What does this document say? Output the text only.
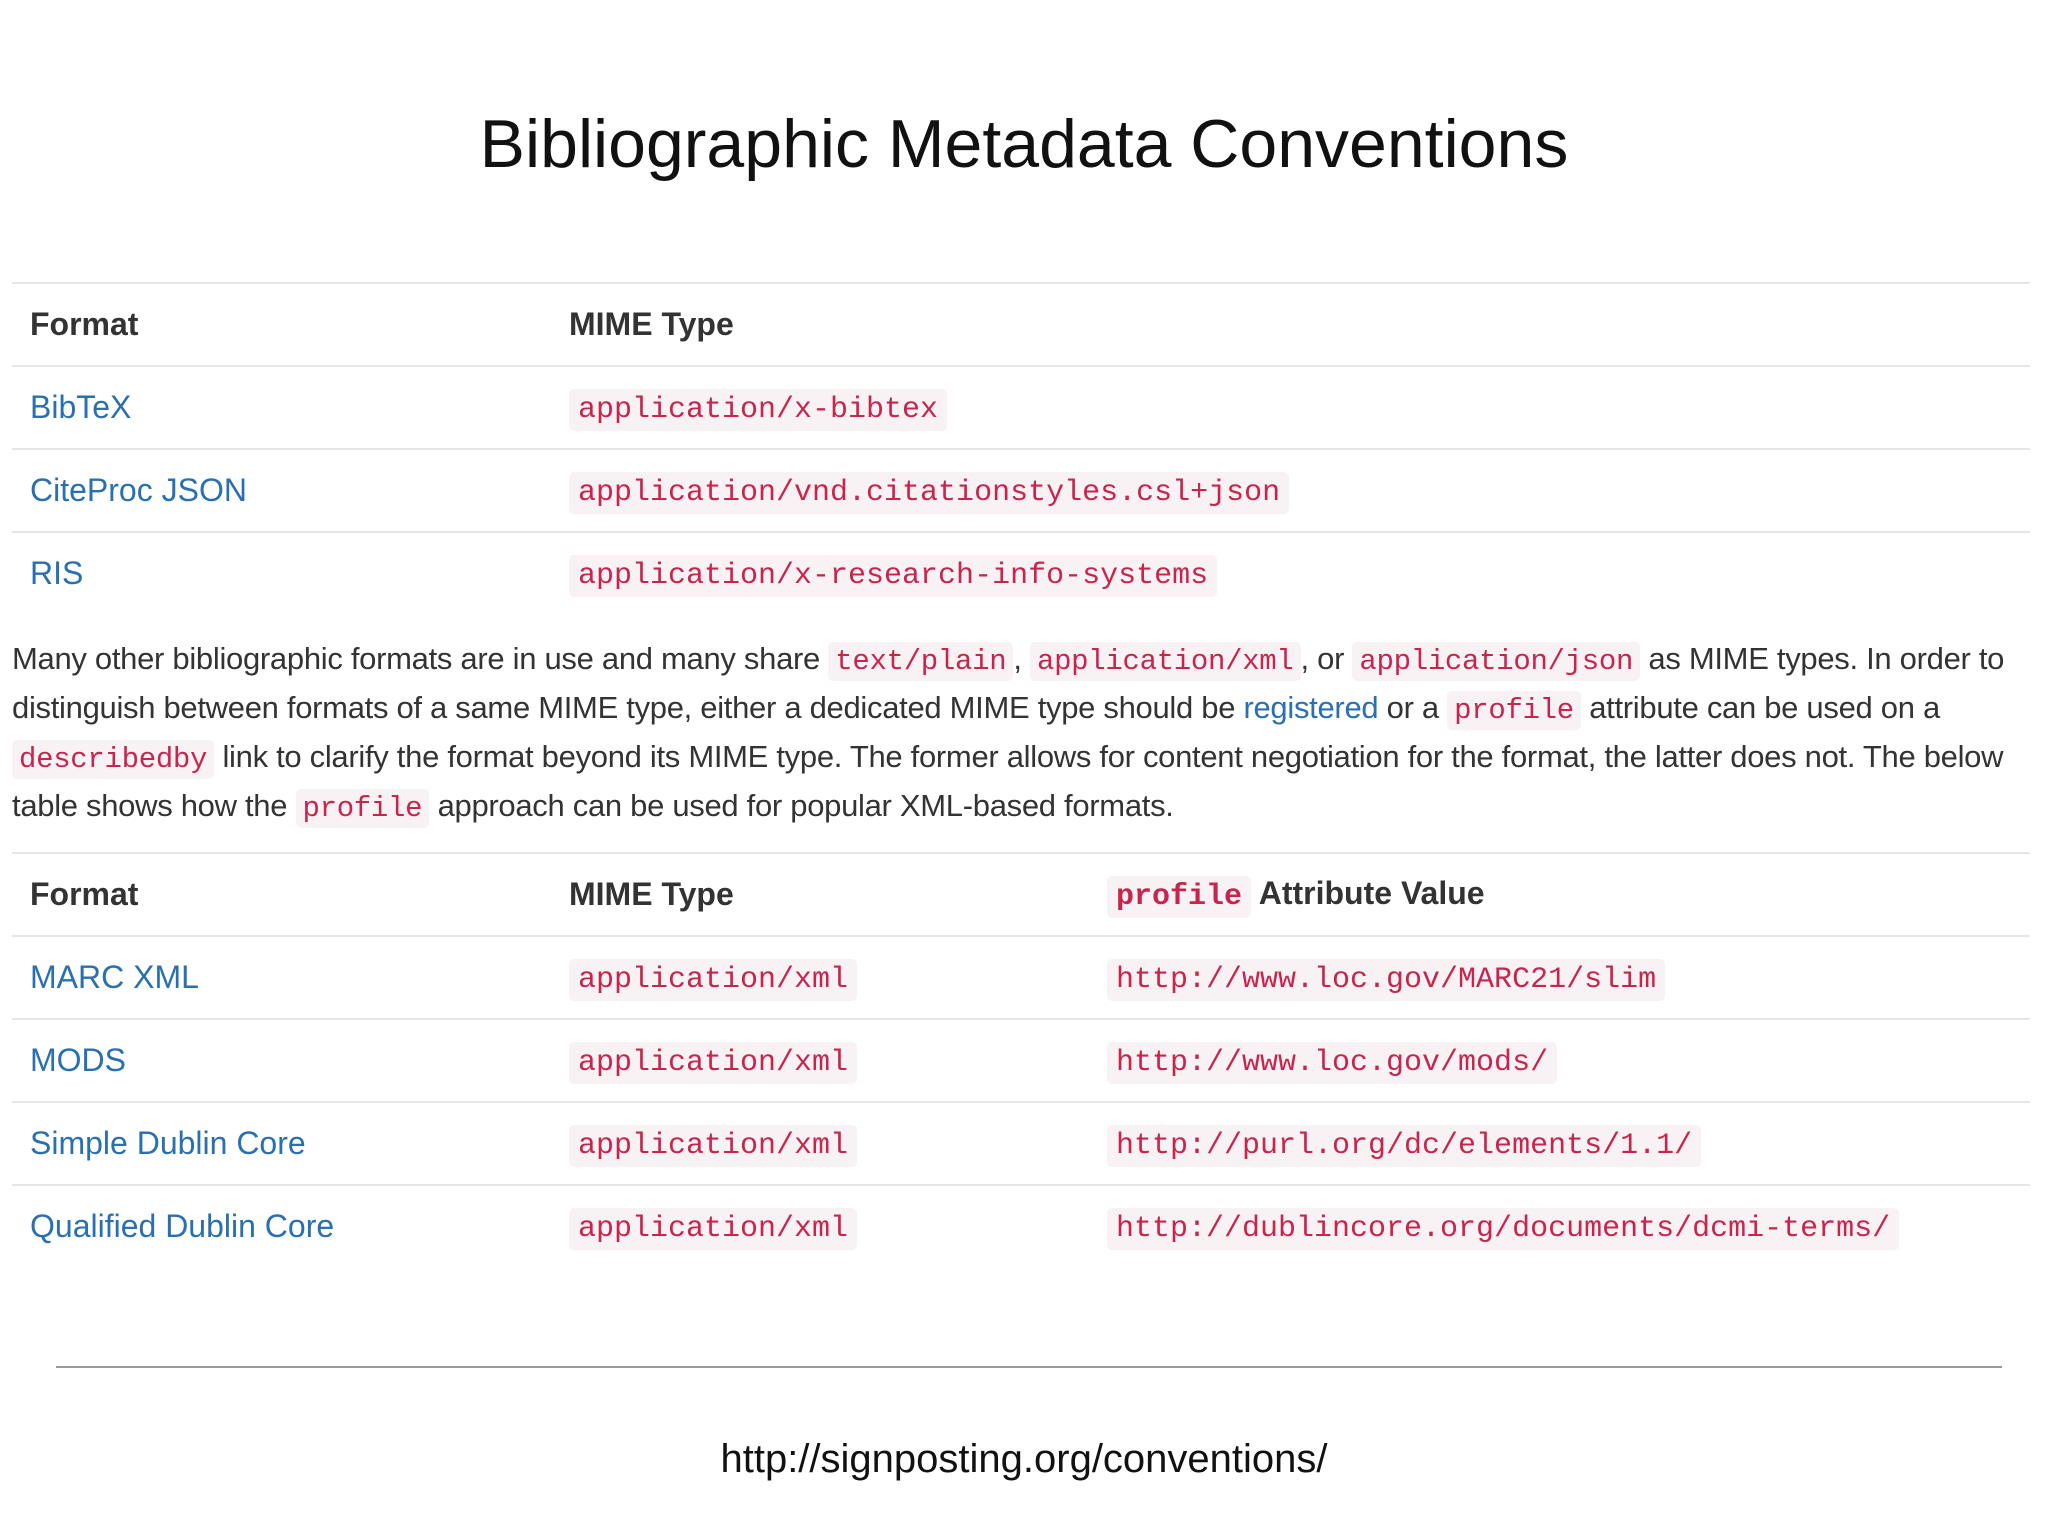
Bibliographic Metadata Conventions
Format	MIME Type
BibTeX	application/x-bibtex
CiteProc JSON	application/vnd.citationstyles.csl+json
RIS	application/x-research-info-systems

Many other bibliographic formats are in use and many share text/plain , application/xml , or application/json as MIME types. In order to distinguish between formats of a same MIME type, either a dedicated MIME type should be registered or a profile attribute can be used on a describedby link to clarify the format beyond its MIME type. The former allows for content negotiation for the format, the latter does not. The below table shows how the profile approach can be used for popular XML-based formats.

Format	MIME Type	profile Attribute Value
MARC XML	application/xml	http://www.loc.gov/MARC21/slim
MODS	application/xml	http://www.loc.gov/mods/
Simple Dublin Core	application/xml	http://purl.org/dc/elements/1.1/
Qualified Dublin Core	application/xml	http://dublincore.org/documents/dcmi-terms/
http://signposting.org/conventions/
